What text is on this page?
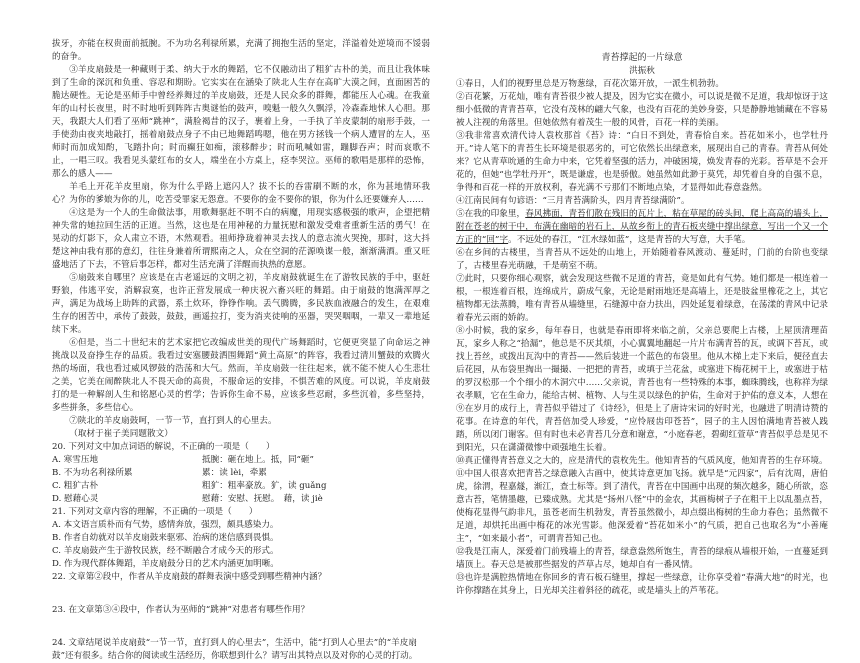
拔牙，亦能在权贵面前抵腕。不为功名利禄所累，充满了拥抱生活的坚定，洋溢着处逆境而不馁弱的奋争。

③羊皮扇鼓是一种藏则于柔、纳大于水的舞蹈，它不仅融动出了粗犷古朴的美，而且让我体味到了生命的深沉和负重、容忍和期盼。它实实在在涵染了陕北人生存在高旷大漠之间，直面困苦的脆达硬性。无论是巫师手中曾经养舞过的羊皮扇鼓，还是人民众多的群舞，都能压人心魂。在我童年的山村长夜里，时不时地听到阵阵古奥谜怡的鼓声，嗅魁一般久久飘浮，冷森森地怵人心胆。那天，我跟大人们看了巫师“跳神”，满脸褐昔的汉子，裹着上身，一手执了羊皮蒙制的扇形手鼓，一手使劲由夜夹地敲打，摇着扇鼓点身子不由已地舞蹈鸣嗯，他在男方拯钱一个病人遭冒的左人，巫师时而加成知酌，飞踏扑向；时而癫狂如痴，滚移醉步；时而吼喊如雷，蹦脚吞声；时而哀歌不止，一唱三叹。我看见头蒙红布的女人，端坐在小方桌上，痉李哭泣。巫师的歌唱是那样的恐怖，那么的感人——

羊毛上开花羊皮里扇，你为什么乎路上遮闪人？拔不长的吞雷刷不断的水，你为甚地情环我心？为你的爹娘为你的儿，吃苦受罪家无怨意。不要你的金不要你的银，你为什么还要嫌弃人……

④这是为一个人的生命做法事，用歌舞驱赶不明不白的病魔，用现实感极强的歌声，企望把精神失常的她拉回生活的正道。当然，这也是在用神秘的力量抚慰和激发受难者重新生活的勇气！在晃动的灯影下，众人肃立不语，木然观看。祖师挣珑着神灵去找人的意志流火哭挽，那时，这大抖楚这神由我有那的意幻，往往身兼着所谓熙南之人，众在空洞的茫源唤谍一般，渐渐满酒。重又旺盛地活了下去，不管后事怎样，都对生活充满了洋醒而执热的意愿。

⑤扇鼓来自哪里？应该是在古老遥远的文明之初，羊皮扇鼓就诞生在了游牧民族的手中，驱赶野狼，伟逃平安，消解寂寞，也许正营发展成一种庆祝六畜兴旺的舞蹈。由于扇鼓的饱满浑厚之声，满足为战场上助阵的武器，系土炊环，铮铮作响。丢气腾腾，多民族血液融合的发生，在艰难生存的困苦中，承传了鼓鼓，鼓鼓，画遥拉打，变为消夹徒响的巫器，哭哭咽咽，一辈又一辈地延续下来。

⑥但是，当二十世纪末的艺术家把它改编成世美的现代广场舞蹈时，它便更突显了向命运之神挑战以及奋挣生存的品质。我看过安塞腰鼓洒围舞蹈“黄土高原”的阵容，我看过清川蟹鼓的欢腾火热的场面，我也看过威风锣鼓的浩荡和大气。然而，羊皮扇鼓一往往起来，就不能不使人心生悲壮之美，它美在闹醉陕北人不畏天命的高贵，不服命运的安排，不惧苦难的风度。可以说，羊皮扇鼓打的是一种解剖人生和铭愿心灵的哲学；告诉你生命不易，应该多些忍耐，多些沉着，多些坚持，多些拼条，多些信心。

⑦陕北的羊皮扇鼓呵，一节一节，直打到人的心里去。

（取材于崔子美同题散文）

20. 下列对文中加点词语的解说，不正确的一项是（　　）

A. 寒雪压地	抵腕：砸在地上。抵，同“砸”
B. 不为功名利禄所累	累：读 lèi，牵累
C. 粗犷古朴	粗犷：粗率豪放。犷，读 guǎng
D. 慰藉心灵	慰藉：安慰、抚慰。　藉，读 jiè

21. 下列对文章内容的理解，不正确的一项是（　　）

A. 本文语言质朴而有气势，感情奔放，强烈，颇具感染力。

B. 作者自幼就对以羊皮扇鼓来驱邪、治病的迷信感到畏惧。

C. 羊皮扇鼓产生于游牧民族，经不断融合才成今天的形式。

D. 作为现代群体舞蹈，羊皮扇鼓分日的艺术内涵更加明晰。

22. 文章第②段中，作者从羊皮扇鼓的群舞表演中感受到哪些精神内涵？

23. 在文章第③④段中，作者认为巫师的“跳神”对患者有哪些作用？

24. 文章结尾说羊皮扇鼓“一节一节，直打到人的心里去”，生活中，能“打到人心里去”的“羊皮扇鼓”还有很多。结合你的阅读或生活经历，你联想到什么？请写出其特点以及对你的心灵的打动。

青苔撑起的一片绿意

洪振秋

①春日，人们的视野里总是万物葱绿，百花次第开放，一派生机勃勃。

②百花繁，万花灿，唯有青苔很少被人提及，因为它实在微小，可以说是微不足道，我却惊讶于这细小低微的青青苔草，它没有茂林的翩大气象，也没有百花的美妙身姿，只是静静地铺藏在不容易被人注视的角落里。但她依然有着茂生一般的风骨，百花一样的美丽。

③我非常喜欢清代诗人袁枚那首《苔》诗：“白日不到处，青春恰自来。苔花如米小，也学牡丹开。”诗人笔下的青苔生长环境是很恶劣的，可它依然长出绿意来，展现出自己的青春。青苔从何处来？它从青草吮通的生命力中来，它凭着坚强的活力，冲破困境，焕发青春的光彩。苔草是不会开花的，但她“也学牡丹开”，既是谦虚，也是骄傲。她虽然如此渺于莫凭，却凭着自身的自强不息，争得和百花一样的开放权利，春光满不亏那们不断地点染，才显得如此春意盎然。

④江南民间有句谚语：“三月青苔满阶头，四月青苔绿满阶”。

⑤在我的印象里，春风拂面，青苔们散在残旧的瓦片上，粘在草屋的砖头间，爬上高高的墙头上，附在苍老的树干中，布满在幽暗的岩石上，从故乡衔上的青石板夹缝中撑出绿意，写出一个又一个方正的“回”字。不远处的春江，“江水绿如蓝”，这是青苔的大写意，大手笔。

⑥在乡间的古楼里，当青苔从不远处的山地上，开始随着春风渡动、蔓延时，门前的台阶也变绿了，古楼里春光萌融，千是萌室不萌。

⑦此时，只要你细心观察，就会发现这些微不足道的青苔，竟是如此有气势。她们都是一根连着一根，一根连着百根，连绵成片，蔚成气象，无论是耐雨地还是高墙上，还是肢盆里橡花之上，其它植物都无法蒸腾，唯有青苔从墙缝里，石缝源中奋力扶出，四处延复着绿意，在荡漾的青风中记录着春光云雨的娇韵。

⑧小时候，我的家乡，每年春日，也就是春雨即将来临之前，父亲总要爬上古楼，上屋顶清理苗瓦，家乡人称之“拾漏”，他总是不厌其烦，小心翼翼地翻起一片片布满青苔的瓦，或调下苔瓦，或找上苔丝，或拨出瓦沟中的青苔——然后装进一个蓝色的布袋里。他从木梯上走下来后，便径直去后花园，从布袋里掏出一撮撮、一把把的青苔，或填于兰花盆，或塞进下梅花树干上，或塞进于枯的罗汉松那一个个细小的木洞穴中……父亲说，青苔也有一些特殊的本事，蜘珠腾线，也称祥为绿衣孝顺，它在生命力，能给古树、植物、人与生灵以绿色的护佑，生命对于护佑的意义本，人想在

⑨在岁月的成行上，青苔似乎错过了《诗经》，但是上了唐诗宋词的好时光，也融进了明清诗赞的花事。在诗意的年代，青苔倍加受人珍爱，“应怜屐齿印苍苔”，园子的主人因怕满地青苔被人践踏，所以闭门谢客。但有时也未必青苔几分意和谢意，“小庭春老，碧砌红萱草”青苔似乎总是见不到阳光，只在潇潇微惨中顽强地生长着。

⑩真正懂得青苔意义之大的，应是清代的袁枚先生。他知青苔的气质风度，他知青苔的生存环境。

⑪中国人很喜欢把青苔之绿意融入古画中，使其诗意更加飞扬。就早是“元四家”，后有沈周，唐伯虎，徐渭，程嘉燧，渐江，查士标等。到了清代，青苔在中国画中出现的频次越多，随心所欲，恣意古苔，笔情墨趣，已臻成熟。尤其是“扬州八怪”中的金农，其画梅树子子在粗干上以乱墨点苔，使梅花显得气韵非凡，虽苍老而生机勃发，青苔虽然微小，却点缀出梅树的生命力春色；虽然微不足道，却烘托出画中梅花的冰光雪影。他深爱着“苔花如米小”的气质，把自己也取名为“小善庵主”，“如来最小者”，可谓青苔知己也。

⑫我是江南人，深爱着门前残墙上的青苔，绿意盎然所饱生，青苔的绿痕从墙根开始，一直蔓延到墙顶上。春天总是被那些据发的芦草占尽，她却自有一番风情。

⑬也许是满腔热情地在你回乡的青石板石缝里，撑起一些绿意，让你享受着“春满大地”的时光，也许你撑踏在其身上，日光却关注着斜径的疏花，或是墙头上的芦苇花。
